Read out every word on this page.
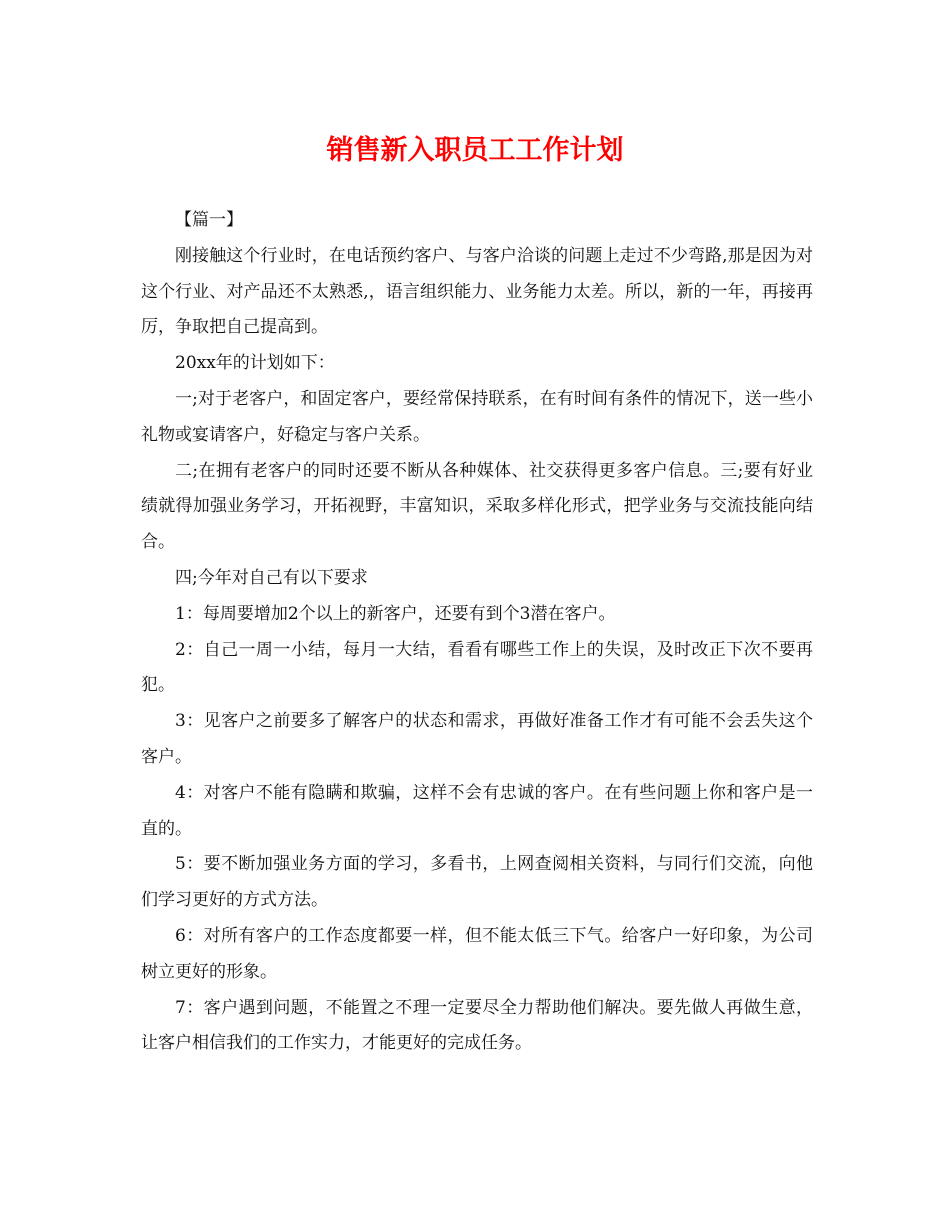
销售新入职员工工作计划

【篇一】

刚接触这个行业时，在电话预约客户、与客户洽谈的问题上走过不少弯路,那是因为对这个行业、对产品还不太熟悉,，语言组织能力、业务能力太差。所以，新的一年，再接再厉，争取把自己提高到。

20xx年的计划如下：

一;对于老客户，和固定客户，要经常保持联系，在有时间有条件的情况下，送一些小礼物或宴请客户，好稳定与客户关系。

二;在拥有老客户的同时还要不断从各种媒体、社交获得更多客户信息。三;要有好业绩就得加强业务学习，开拓视野，丰富知识，采取多样化形式，把学业务与交流技能向结合。

四;今年对自己有以下要求

1：每周要增加2个以上的新客户，还要有到个3潜在客户。

2：自己一周一小结，每月一大结，看看有哪些工作上的失误，及时改正下次不要再犯。

3：见客户之前要多了解客户的状态和需求，再做好准备工作才有可能不会丢失这个客户。

4：对客户不能有隐瞒和欺骗，这样不会有忠诚的客户。在有些问题上你和客户是一直的。

5：要不断加强业务方面的学习，多看书，上网查阅相关资料，与同行们交流，向他们学习更好的方式方法。

6：对所有客户的工作态度都要一样，但不能太低三下气。给客户一好印象，为公司树立更好的形象。

7：客户遇到问题，不能置之不理一定要尽全力帮助他们解决。要先做人再做生意，让客户相信我们的工作实力，才能更好的完成任务。
